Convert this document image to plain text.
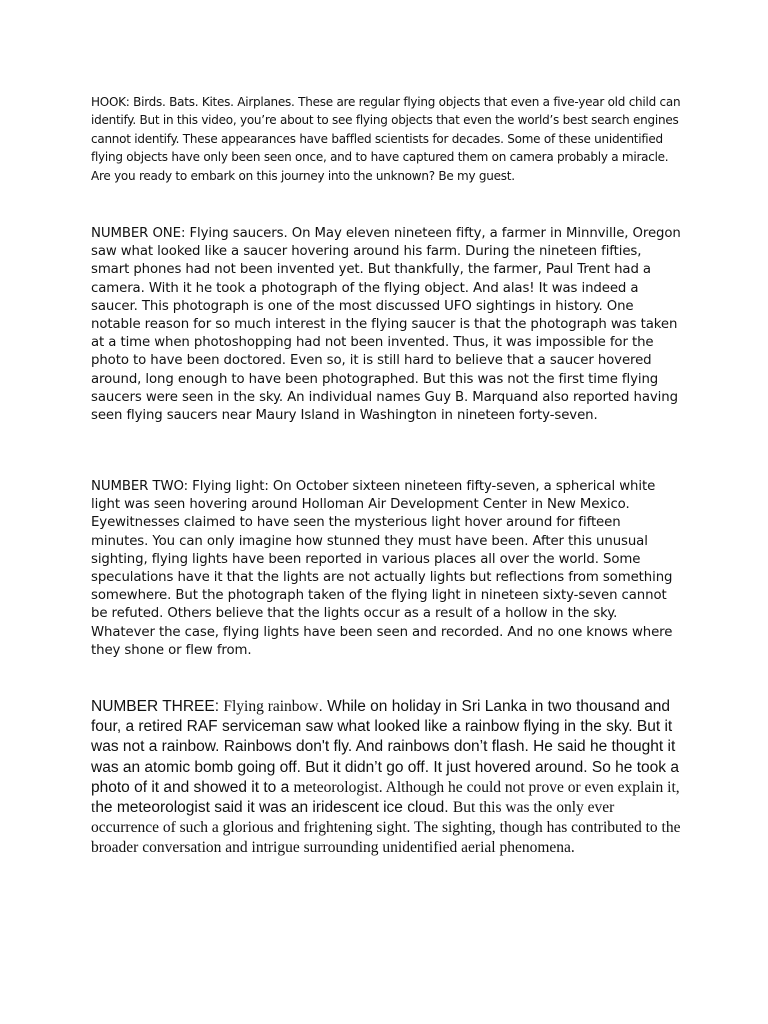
HOOK: Birds. Bats. Kites. Airplanes. These are regular flying objects that even a five-year old child can identify. But in this video, you’re about to see flying objects that even the world’s best search engines cannot identify. These appearances have baffled scientists for decades. Some of these unidentified flying objects have only been seen once, and to have captured them on camera probably a miracle. Are you ready to embark on this journey into the unknown? Be my guest.

NUMBER ONE: Flying saucers. On May eleven nineteen fifty, a farmer in Minnville, Oregon saw what looked like a saucer hovering around his farm. During the nineteen fifties, smart phones had not been invented yet. But thankfully, the farmer, Paul Trent had a camera. With it he took a photograph of the flying object. And alas! It was indeed a saucer. This photograph is one of the most discussed UFO sightings in history. One notable reason for so much interest in the flying saucer is that the photograph was taken at a time when photoshopping had not been invented. Thus, it was impossible for the photo to have been doctored. Even so, it is still hard to believe that a saucer hovered around, long enough to have been photographed. But this was not the first time flying saucers were seen in the sky. An individual names Guy B. Marquand also reported having seen flying saucers near Maury Island in Washington in nineteen forty-seven.

NUMBER TWO: Flying light: On October sixteen nineteen fifty-seven, a spherical white light was seen hovering around Holloman Air Development Center in New Mexico. Eyewitnesses claimed to have seen the mysterious light hover around for fifteen minutes. You can only imagine how stunned they must have been. After this unusual sighting, flying lights have been reported in various places all over the world. Some speculations have it that the lights are not actually lights but reflections from something somewhere. But the photograph taken of the flying light in nineteen sixty-seven cannot be refuted. Others believe that the lights occur as a result of a hollow in the sky. Whatever the case, flying lights have been seen and recorded. And no one knows where they shone or flew from.

NUMBER THREE: Flying rainbow. While on holiday in Sri Lanka in two thousand and four, a retired RAF serviceman saw what looked like a rainbow flying in the sky. But it was not a rainbow. Rainbows don't fly. And rainbows don’t flash. He said he thought it was an atomic bomb going off. But it didn’t go off. It just hovered around. So he took a photo of it and showed it to a meteorologist. Although he could not prove or even explain it, the meteorologist said it was an iridescent ice cloud. But this was the only ever occurrence of such a glorious and frightening sight. The sighting, though has contributed to the broader conversation and intrigue surrounding unidentified aerial phenomena.
